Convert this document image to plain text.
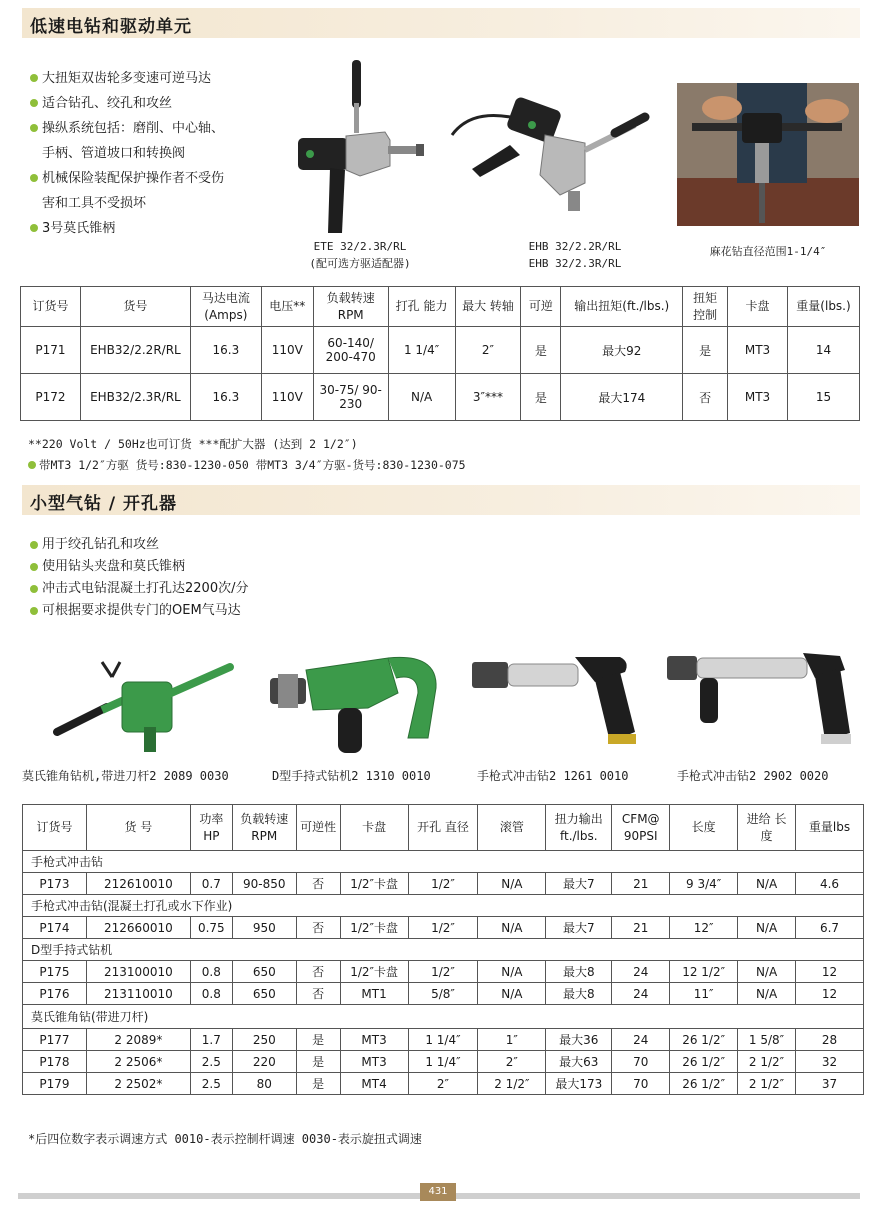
低速电钻和驱动单元
大扭矩双齿轮多变速可逆马达
适合钻孔、绞孔和攻丝
操纵系统包括：磨削、中心轴、
手柄、管道坡口和转换阀
机械保险装配保护操作者不受伤
害和工具不受损坏
3号莫氏锥柄
ETE 32/2.3R/RL
(配可选方驱适配器)
EHB 32/2.2R/RL
EHB 32/2.3R/RL
麻花钻直径范围1-1/4″
订货号	货号	马达电流 (Amps)	电压**	负载转速 RPM	打孔 能力	最大 转轴	可逆	输出扭矩(ft./lbs.)	扭矩 控制	卡盘	重量(lbs.)
P171	EHB32/2.2R/RL	16.3	110V	60-140/ 200-470	1 1/4″	2″	是	最大92	是	MT3	14
P172	EHB32/2.3R/RL	16.3	110V	30-75/ 90-230	N/A	3″***	是	最大174	否	MT3	15
**220 Volt / 50Hz也可订货 ***配扩大器 (达到 2 1/2″)
带MT3 1/2″方驱 货号:830-1230-050 带MT3 3/4″方驱-货号:830-1230-075
小型气钻 / 开孔器
用于绞孔钻孔和攻丝
使用钻头夹盘和莫氏锥柄
冲击式电钻混凝土打孔达2200次/分
可根据要求提供专门的OEM气马达
莫氏锥角钻机,带进刀杆2 2089 0030	D型手持式钻机2 1310 0010	手枪式冲击钻2 1261 0010	手枪式冲击钻2 2902 0020
订货号	货 号	功率 HP	负载转速 RPM	可逆性	卡盘	开孔 直径	滚管	扭力输出 ft./lbs.	CFM@ 90PSI	长度	进给 长度	重量lbs
手枪式冲击钻												
P173	212610010	0.7	90-850	否	1/2″卡盘	1/2″	N/A	最大7	21	9 3/4″	N/A	4.6
手枪式冲击钻(混凝土打孔或水下作业)												
P174	212660010	0.75	950	否	1/2″卡盘	1/2″	N/A	最大7	21	12″	N/A	6.7
D型手持式钻机												
P175	213100010	0.8	650	否	1/2″卡盘	1/2″	N/A	最大8	24	12 1/2″	N/A	12
P176	213110010	0.8	650	否	MT1	5/8″	N/A	最大8	24	11″	N/A	12
莫氏锥角钻(带进刀杆)												
P177	2 2089*	1.7	250	是	MT3	1 1/4″	1″	最大36	24	26 1/2″	1 5/8″	28
P178	2 2506*	2.5	220	是	MT3	1 1/4″	2″	最大63	70	26 1/2″	2 1/2″	32
P179	2 2502*	2.5	80	是	MT4	2″	2 1/2″	最大173	70	26 1/2″	2 1/2″	37
*后四位数字表示调速方式 0010-表示控制杆调速 0030-表示旋扭式调速
431
